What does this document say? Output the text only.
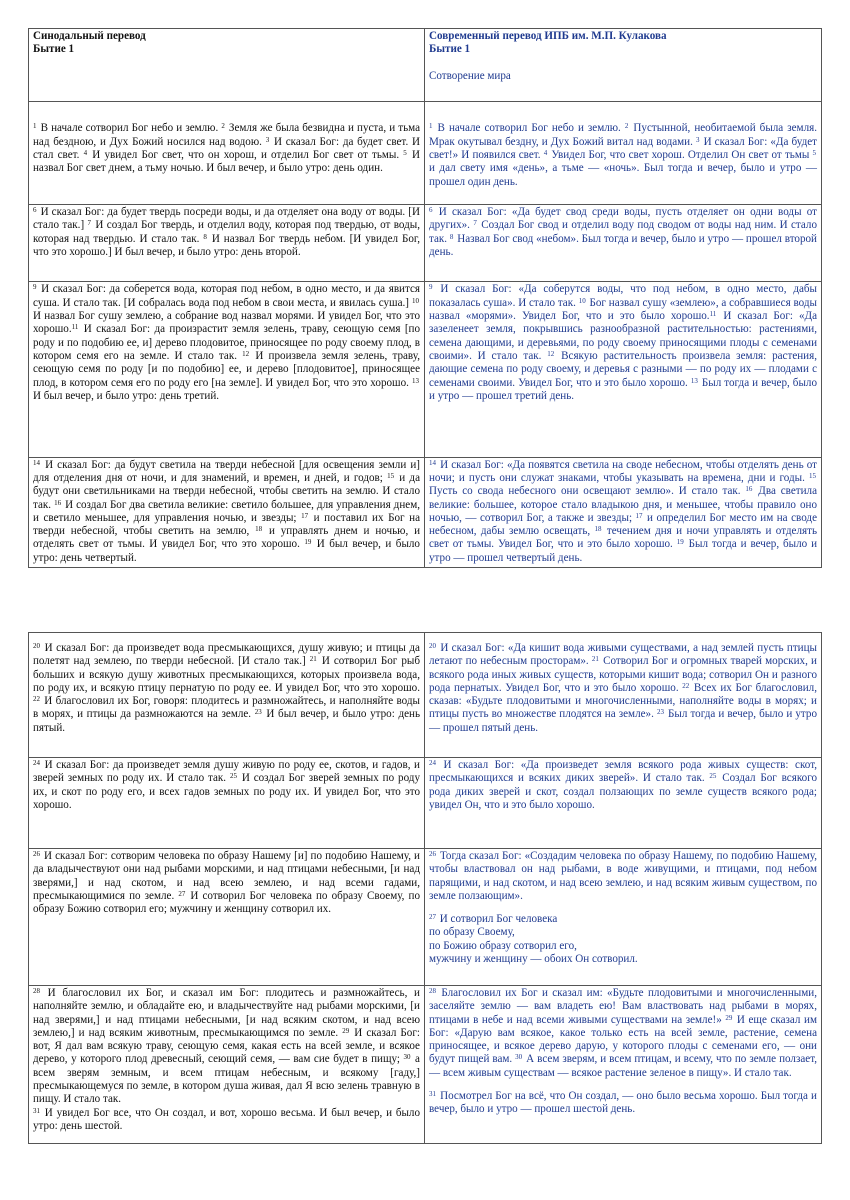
Синодальный перевод
Бытие 1
Современный перевод ИПБ им. М.П. Кулакова
Бытие 1
Сотворение мира

$^1$ В начале сотворил Бог небо и землю. $^2$ Земля же была безвидна и пуста, и тьма над бездною, и Дух Божий носился над водою. $^3$ И сказал Бог: да будет свет. И стал свет. $^4$ И увидел Бог свет, что он хорош, и отделил Бог свет от тьмы. $^5$ И назвал Бог свет днем, а тьму ночью. И был вечер, и было утро: день один.

$^1$ В начале сотворил Бог небо и землю. $^2$ Пустынной, необитаемой была земля. Мрак окутывал бездну, и Дух Божий витал над водами. $^3$ И сказал Бог: «Да будет свет!» И появился свет. $^4$ Увидел Бог, что свет хорош. Отделил Он свет от тьмы $^5$ и дал свету имя «день», а тьме — «ночь». Был тогда и вечер, было и утро — прошел один день.

$^6$ И сказал Бог: да будет твердь посреди воды, и да отделяет она воду от воды. [И стало так.] $^7$ И создал Бог твердь, и отделил воду, которая под твердью, от воды, которая над твердью. И стало так. $^8$ И назвал Бог твердь небом. [И увидел Бог, что это хорошо.] И был вечер, и было утро: день второй.

$^6$ И сказал Бог: «Да будет свод среди воды, пусть отделяет он одни воды от других». $^7$ Создал Бог свод и отделил воду под сводом от воды над ним. И стало так. $^8$ Назвал Бог свод «небом». Был тогда и вечер, было и утро — прошел второй день.

$^9$ И сказал Бог: да соберется вода, которая под небом, в одно место, и да явится суша. И стало так. [И собралась вода под небом в свои места, и явилась суша.] $^{10}$ И назвал Бог сушу землею, а собрание вод назвал морями. И увидел Бог, что это хорошо.$^{11}$ И сказал Бог: да произрастит земля зелень, траву, сеющую семя [по роду и по подобию ее, и] дерево плодовитое, приносящее по роду своему плод, в котором семя его на земле. И стало так. $^{12}$ И произвела земля зелень, траву, сеющую семя по роду [и по подобию] ее, и дерево [плодовитое], приносящее плод, в котором семя его по роду его [на земле]. И увидел Бог, что это хорошо. $^{13}$ И был вечер, и было утро: день третий.

$^9$ И сказал Бог: «Да соберутся воды, что под небом, в одно место, дабы показалась суша». И стало так. $^{10}$ Бог назвал сушу «землею», а собравшиеся воды назвал «морями». Увидел Бог, что и это было хорошо.$^{11}$ И сказал Бог: «Да зазеленеет земля, покрывшись разнообразной растительностью: растениями, семена дающими, и деревьями, по роду своему приносящими плоды с семенами своими». И стало так. $^{12}$ Всякую растительность произвела земля: растения, дающие семена по роду своему, и деревья с разными — по роду их — плодами с семенами своими. Увидел Бог, что и это было хорошо. $^{13}$ Был тогда и вечер, было и утро — прошел третий день.

$^{14}$ И сказал Бог: да будут светила на тверди небесной [для освещения земли и] для отделения дня от ночи, и для знамений, и времен, и дней, и годов; $^{15}$ и да будут они светильниками на тверди небесной, чтобы светить на землю. И стало так. $^{16}$ И создал Бог два светила великие: светило большее, для управления днем, и светило меньшее, для управления ночью, и звезды; $^{17}$ и поставил их Бог на тверди небесной, чтобы светить на землю, $^{18}$ и управлять днем и ночью, и отделять свет от тьмы. И увидел Бог, что это хорошо. $^{19}$ И был вечер, и было утро: день четвертый.

$^{14}$ И сказал Бог: «Да появятся светила на своде небесном, чтобы отделять день от ночи; и пусть они служат знаками, чтобы указывать на времена, дни и годы. $^{15}$ Пусть со свода небесного они освещают землю». И стало так. $^{16}$ Два светила великие: большее, которое стало владыкою дня, и меньшее, чтобы правило оно ночью, — сотворил Бог, а также и звезды; $^{17}$ и определил Бог место им на своде небесном, дабы землю освещать, $^{18}$ течением дня и ночи управлять и отделять свет от тьмы. Увидел Бог, что и это было хорошо. $^{19}$ Был тогда и вечер, было и утро — прошел четвертый день.

$^{20}$ И сказал Бог: да произведет вода пресмыкающихся, душу живую; и птицы да полетят над землею, по тверди небесной. [И стало так.] $^{21}$ И сотворил Бог рыб больших и всякую душу животных пресмыкающихся, которых произвела вода, по роду их, и всякую птицу пернатую по роду ее. И увидел Бог, что это хорошо. $^{22}$ И благословил их Бог, говоря: плодитесь и размножайтесь, и наполняйте воды в морях, и птицы да размножаются на земле. $^{23}$ И был вечер, и было утро: день пятый.

$^{20}$ И сказал Бог: «Да кишит вода живыми существами, а над землей пусть птицы летают по небесным просторам». $^{21}$ Сотворил Бог и огромных тварей морских, и всякого рода иных живых существ, которыми кишит вода; сотворил Он и разного рода пернатых. Увидел Бог, что и это было хорошо. $^{22}$ Всех их Бог благословил, сказав: «Будьте плодовитыми и многочисленными, наполняйте воды в морях; и птицы пусть во множестве плодятся на земле». $^{23}$ Был тогда и вечер, было и утро — прошел пятый день.

$^{24}$ И сказал Бог: да произведет земля душу живую по роду ее, скотов, и гадов, и зверей земных по роду их. И стало так. $^{25}$ И создал Бог зверей земных по роду их, и скот по роду его, и всех гадов земных по роду их. И увидел Бог, что это хорошо.

$^{24}$ И сказал Бог: «Да произведет земля всякого рода живых существ: скот, пресмыкающихся и всяких диких зверей». И стало так. $^{25}$ Создал Бог всякого рода диких зверей и скот, создал ползающих по земле существ всякого рода; увидел Он, что и это было хорошо.

$^{26}$ И сказал Бог: сотворим человека по образу Нашему [и] по подобию Нашему, и да владычествуют они над рыбами морскими, и над птицами небесными, [и над зверями,] и над скотом, и над всею землею, и над всеми гадами, пресмыкающимися по земле. $^{27}$ И сотворил Бог человека по образу Своему, по образу Божию сотворил его; мужчину и женщину сотворил их.

$^{26}$ Тогда сказал Бог: «Создадим человека по образу Нашему, по подобию Нашему, чтобы властвовал он над рыбами, в воде живущими, и птицами, под небом парящими, и над скотом, и над всею землею, и над всяким живым существом, по земле ползающим».

$^{27}$ И сотворил Бог человека

по образу Своему,

по Божию образу сотворил его,

мужчину и женщину — обоих Он сотворил.

$^{28}$ И благословил их Бог, и сказал им Бог: плодитесь и размножайтесь, и наполняйте землю, и обладайте ею, и владычествуйте над рыбами морскими, [и над зверями,] и над птицами небесными, [и над всяким скотом, и над всею землею,] и над всяким животным, пресмыкающимся по земле. $^{29}$ И сказал Бог: вот, Я дал вам всякую траву, сеющую семя, какая есть на всей земле, и всякое дерево, у которого плод древесный, сеющий семя, — вам сие будет в пищу; $^{30}$ а всем зверям земным, и всем птицам небесным, и всякому [гаду,] пресмыкающемуся по земле, в котором душа живая, дал Я всю зелень травную в пищу. И стало так.

$^{31}$ И увидел Бог все, что Он создал, и вот, хорошо весьма. И был вечер, и было утро: день шестой.

$^{28}$ Благословил их Бог и сказал им: «Будьте плодовитыми и многочисленными, заселяйте землю — вам владеть ею! Вам властвовать над рыбами в морях, птицами в небе и над всеми живыми существами на земле!» $^{29}$ И еще сказал им Бог: «Дарую вам всякое, какое только есть на всей земле, растение, семена приносящее, и всякое дерево дарую, у которого плоды с семенами его, — они будут пищей вам. $^{30}$ А всем зверям, и всем птицам, и всему, что по земле ползает, — всем живым существам — всякое растение зеленое в пищу». И стало так.

$^{31}$ Посмотрел Бог на всё, что Он создал, — оно было весьма хорошо. Был тогда и вечер, было и утро — прошел шестой день.
